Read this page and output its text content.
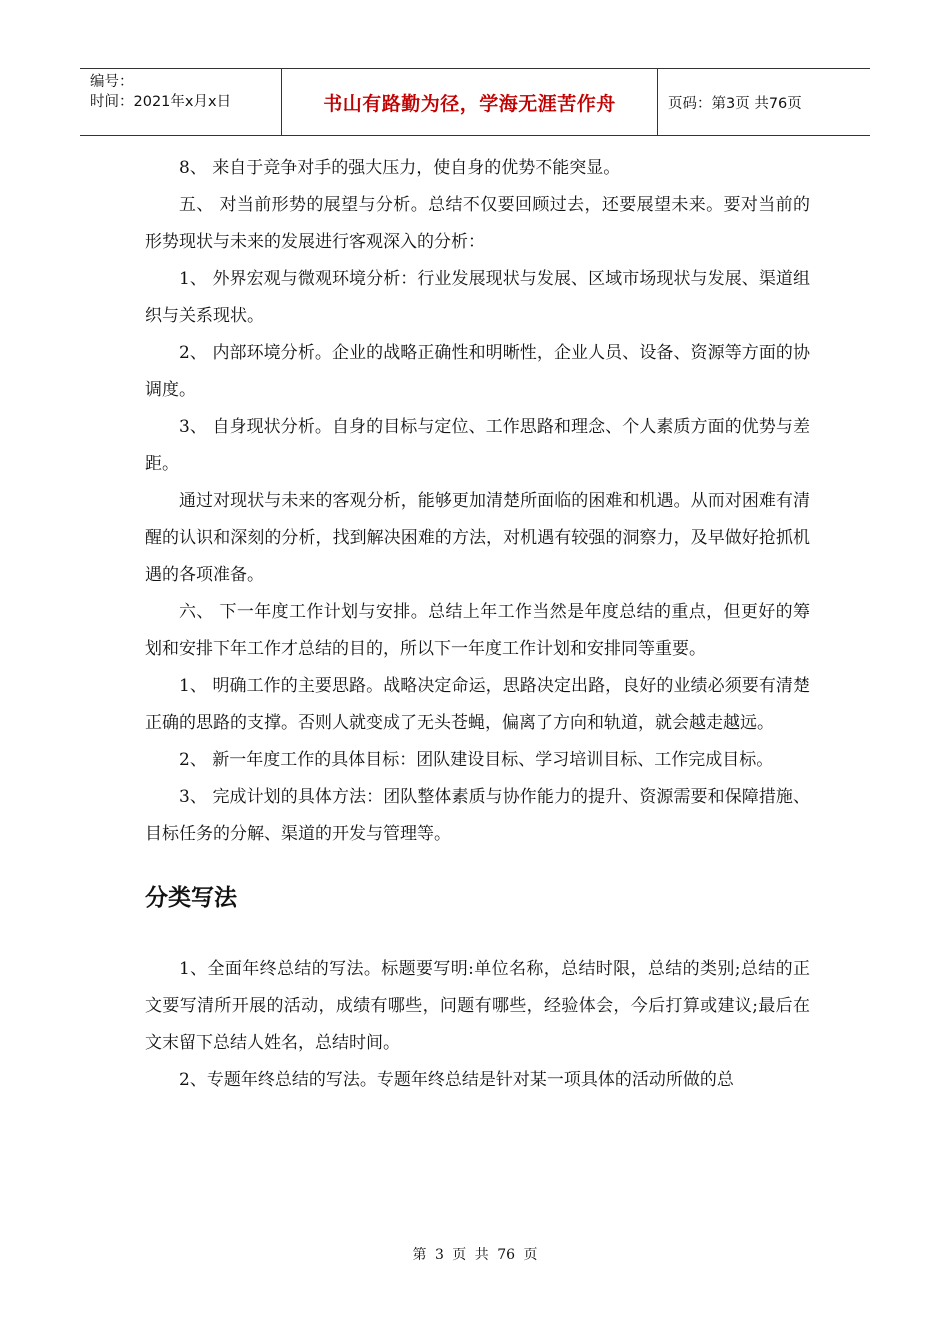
编号：
时间：2021年x月x日	书山有路勤为径，学海无涯苦作舟	页码：第3页 共76页

8、 来自于竞争对手的强大压力，使自身的优势不能突显。

五、 对当前形势的展望与分析。总结不仅要回顾过去，还要展望未来。要对当前的形势现状与未来的发展进行客观深入的分析：

1、 外界宏观与微观环境分析：行业发展现状与发展、区域市场现状与发展、渠道组织与关系现状。

2、 内部环境分析。企业的战略正确性和明晰性，企业人员、设备、资源等方面的协调度。

3、 自身现状分析。自身的目标与定位、工作思路和理念、个人素质方面的优势与差距。

通过对现状与未来的客观分析，能够更加清楚所面临的困难和机遇。从而对困难有清醒的认识和深刻的分析，找到解决困难的方法，对机遇有较强的洞察力，及早做好抢抓机遇的各项准备。

六、 下一年度工作计划与安排。总结上年工作当然是年度总结的重点，但更好的筹划和安排下年工作才总结的目的，所以下一年度工作计划和安排同等重要。

1、 明确工作的主要思路。战略决定命运，思路决定出路，良好的业绩必须要有清楚正确的思路的支撑。否则人就变成了无头苍蝇，偏离了方向和轨道，就会越走越远。

2、 新一年度工作的具体目标：团队建设目标、学习培训目标、工作完成目标。

3、 完成计划的具体方法：团队整体素质与协作能力的提升、资源需要和保障措施、目标任务的分解、渠道的开发与管理等。

分类写法

1、全面年终总结的写法。标题要写明:单位名称，总结时限，总结的类别;总结的正文要写清所开展的活动，成绩有哪些，问题有哪些，经验体会，今后打算或建议;最后在文末留下总结人姓名，总结时间。

2、专题年终总结的写法。专题年终总结是针对某一项具体的活动所做的总

第 3 页 共 76 页
